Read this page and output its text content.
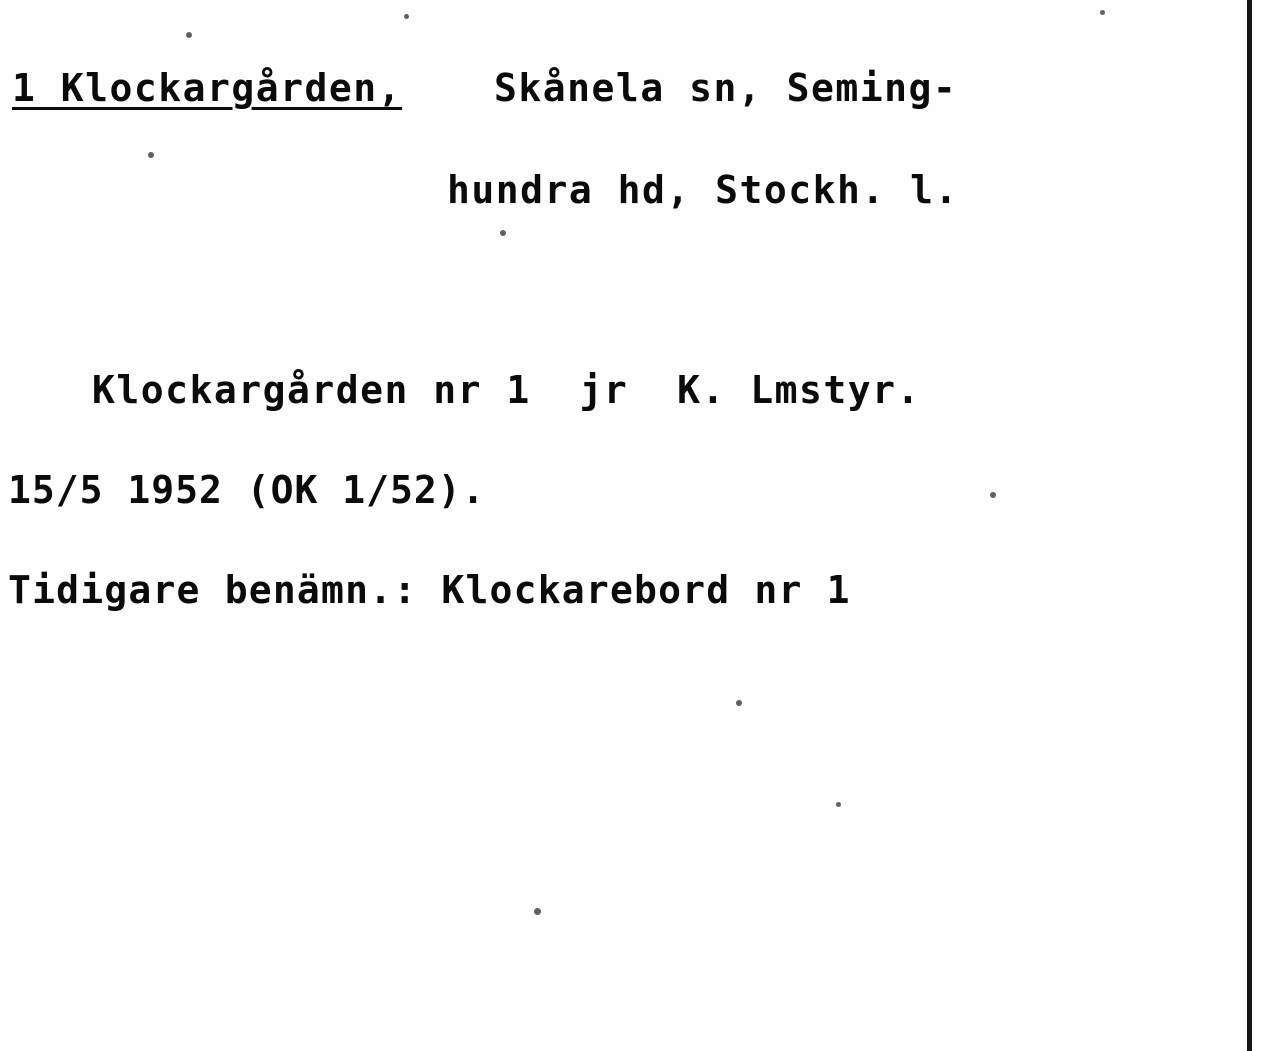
1 Klockargården, Skånela sn, Seming-
hundra hd, Stockh. l.
Klockargården nr 1  jr  K. Lmstyr.
15/5 1952 (OK 1/52).
Tidigare benämn.: Klockarebord nr 1
